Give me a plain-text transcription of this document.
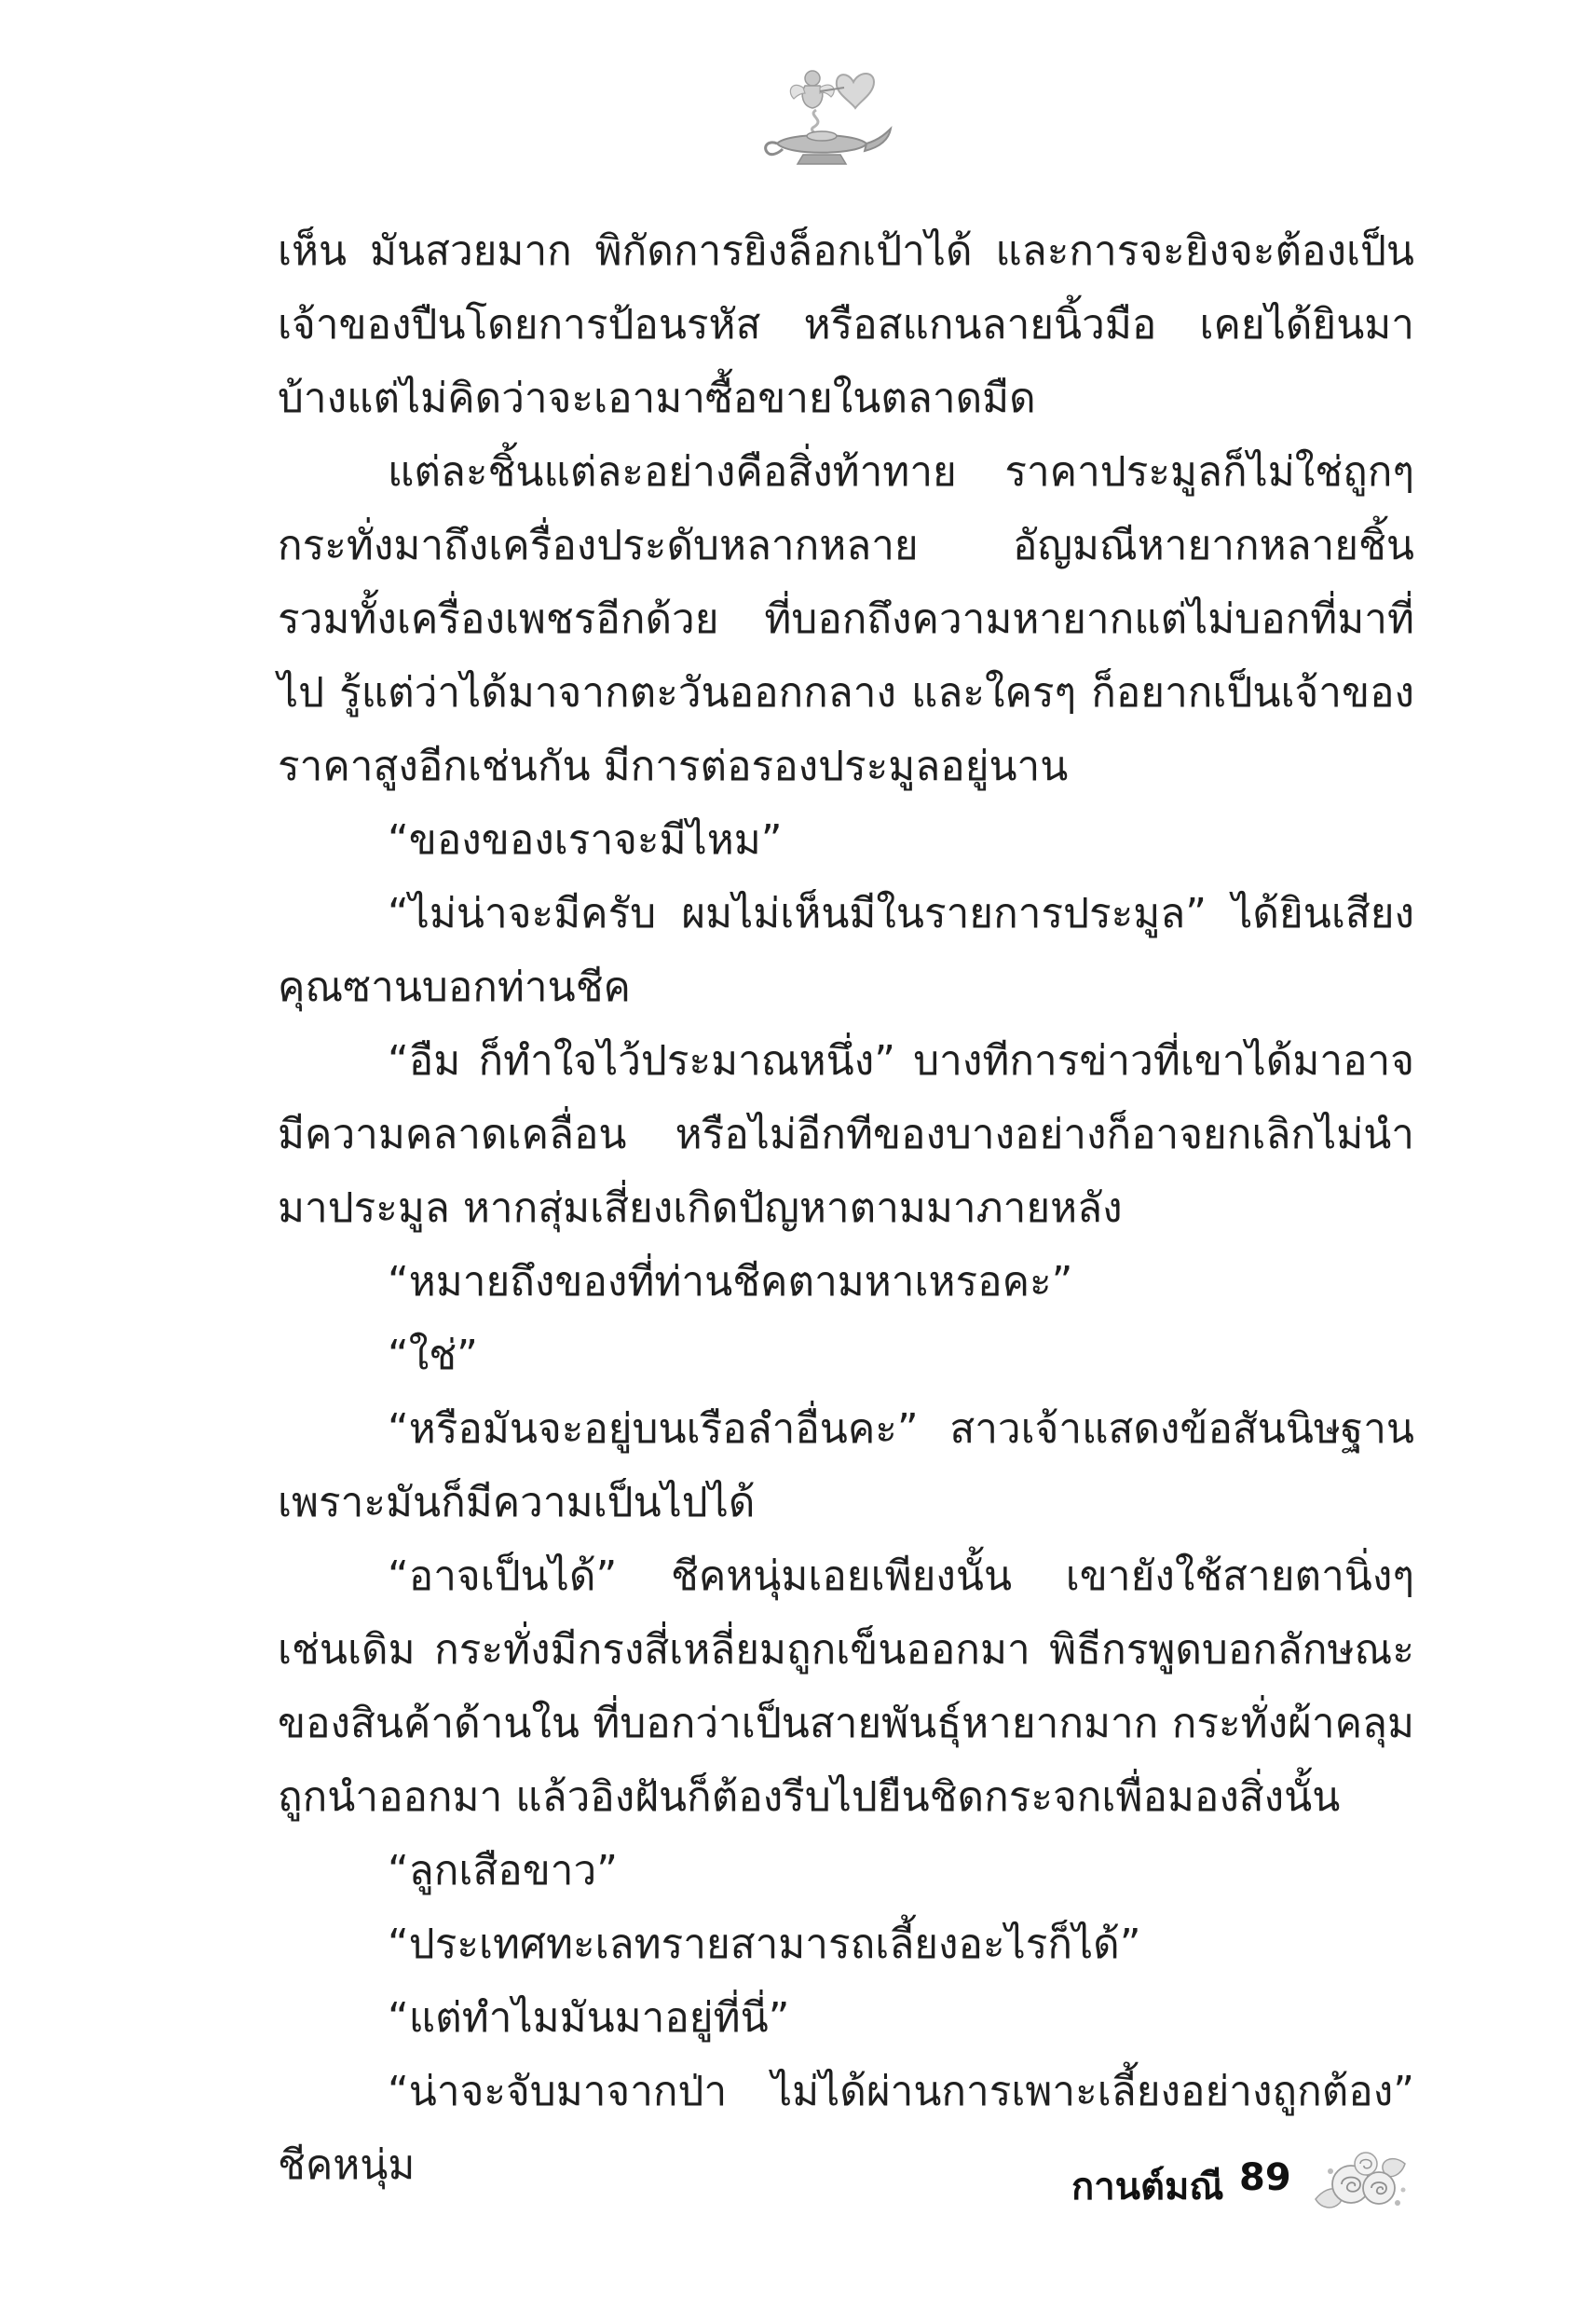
เห็น มันสวยมาก พิกัดการยิงล็อกเป้าได้ และการจะยิงจะต้องเป็นเจ้าของปืนโดยการป้อนรหัส หรือสแกนลายนิ้วมือ เคยได้ยินมาบ้างแต่ไม่คิดว่าจะเอามาซื้อขายในตลาดมืด

แต่ละชิ้นแต่ละอย่างคือสิ่งท้าทาย ราคาประมูลก็ไม่ใช่ถูกๆ กระทั่งมาถึงเครื่องประดับหลากหลาย อัญมณีหายากหลายชิ้น รวมทั้งเครื่องเพชรอีกด้วย ที่บอกถึงความหายากแต่ไม่บอกที่มาที่ไป รู้แต่ว่าได้มาจากตะวันออกกลาง และใครๆ ก็อยากเป็นเจ้าของ ราคาสูงอีกเช่นกัน มีการต่อรองประมูลอยู่นาน

“ของของเราจะมีไหม”

“ไม่น่าจะมีครับ ผมไม่เห็นมีในรายการประมูล” ได้ยินเสียงคุณซานบอกท่านชีค

“อืม ก็ทำใจไว้ประมาณหนึ่ง” บางทีการข่าวที่เขาได้มาอาจมีความคลาดเคลื่อน หรือไม่อีกทีของบางอย่างก็อาจยกเลิกไม่นำมาประมูล หากสุ่มเสี่ยงเกิดปัญหาตามมาภายหลัง

“หมายถึงของที่ท่านชีคตามหาเหรอคะ”

“ใช่”

“หรือมันจะอยู่บนเรือลำอื่นคะ” สาวเจ้าแสดงข้อสันนิษฐาน เพราะมันก็มีความเป็นไปได้

“อาจเป็นได้” ชีคหนุ่มเอยเพียงนั้น เขายังใช้สายตานิ่งๆ เช่นเดิม กระทั่งมีกรงสี่เหลี่ยมถูกเข็นออกมา พิธีกรพูดบอกลักษณะของสินค้าด้านใน ที่บอกว่าเป็นสายพันธุ์หายากมาก กระทั่งผ้าคลุมถูกนำออกมา แล้วอิงฝันก็ต้องรีบไปยืนชิดกระจกเพื่อมองสิ่งนั้น

“ลูกเสือขาว”

“ประเทศทะเลทรายสามารถเลี้ยงอะไรก็ได้”

“แต่ทำไมมันมาอยู่ที่นี่”

“น่าจะจับมาจากป่า ไม่ได้ผ่านการเพาะเลี้ยงอย่างถูกต้อง” ชีคหนุ่ม	กานต์มณี 89
